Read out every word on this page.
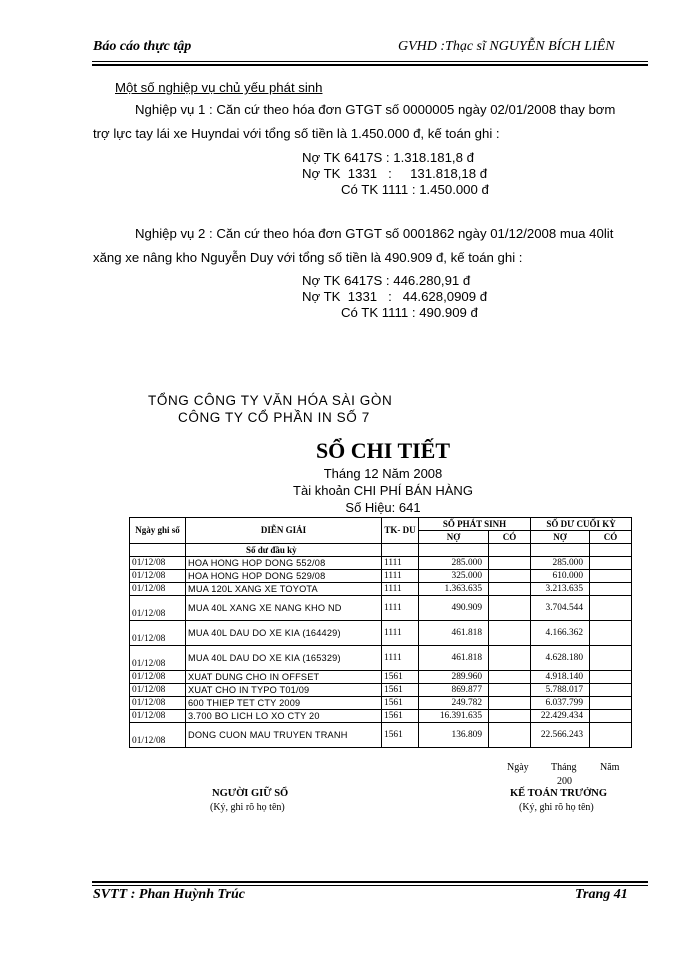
Báo cáo thực tập	GVHD :Thạc sĩ NGUYỄN BÍCH LIÊN
Một số nghiệp vụ chủ yếu phát sinh
Nghiệp vụ 1 : Căn cứ theo hóa đơn GTGT số 0000005 ngày 02/01/2008 thay bơm
trợ lực tay lái xe Huyndai với tổng số tiền là 1.450.000 đ, kế toán ghi :
Nợ TK 6417S : 1.318.181,8 đ
Nợ TK  1331   :     131.818,18 đ
Có TK 1111 : 1.450.000 đ
Nghiệp vụ 2 : Căn cứ theo hóa đơn GTGT số 0001862 ngày 01/12/2008 mua 40lit
xăng xe nâng kho Nguyễn Duy với tổng số tiền là 490.909 đ, kế toán ghi :
Nợ TK 6417S : 446.280,91 đ
Nợ TK  1331   :   44.628,0909 đ
Có TK 1111 : 490.909 đ
TỔNG CÔNG TY VĂN HÓA SÀI GÒN
CÔNG TY CỔ PHẦN IN SỐ 7
SỔ CHI TIẾT
Tháng 12 Năm 2008
Tài khoản CHI PHÍ BÁN HÀNG
Số Hiệu: 641
Ngày ghi sổ	DIỄN GIẢI	TK- DU	SỐ PHÁT SINH		SỐ DƯ CUỐI KỲ	
			NỢ	CÓ	NỢ	CÓ
	Số dư đầu kỳ					
01/12/08	HOA HONG HOP DONG 552/08	1111	285.000		285.000	
01/12/08	HOA HONG HOP DONG 529/08	1111	325.000		610.000	
01/12/08	MUA 120L XANG XE TOYOTA	1111	1.363.635		3.213.635	
01/12/08	MUA 40L XANG XE NANG KHO ND	1111	490.909		3.704.544	
01/12/08	MUA 40L DAU DO XE KIA (164429)	1111	461.818		4.166.362	
01/12/08	MUA 40L DAU DO XE KIA (165329)	1111	461.818		4.628.180	
01/12/08	XUAT DUNG CHO IN OFFSET	1561	289.960		4.918.140	
01/12/08	XUAT CHO IN TYPO T01/09	1561	869.877		5.788.017	
01/12/08	600 THIEP TET CTY 2009	1561	249.782		6.037.799	
01/12/08	3.700 BO LICH LO XO CTY 20	1561	16.391.635		22.429.434	
01/12/08	DONG CUON MAU TRUYEN TRANH	1561	136.809		22.566.243	
Ngày Tháng Năm
200
NGƯỜI GIỮ SỔ
(Ký, ghi rõ họ tên)
KẾ TOÁN TRƯỞNG
(Ký, ghi rõ họ tên)
SVTT : Phan Huỳnh Trúc	Trang 41
